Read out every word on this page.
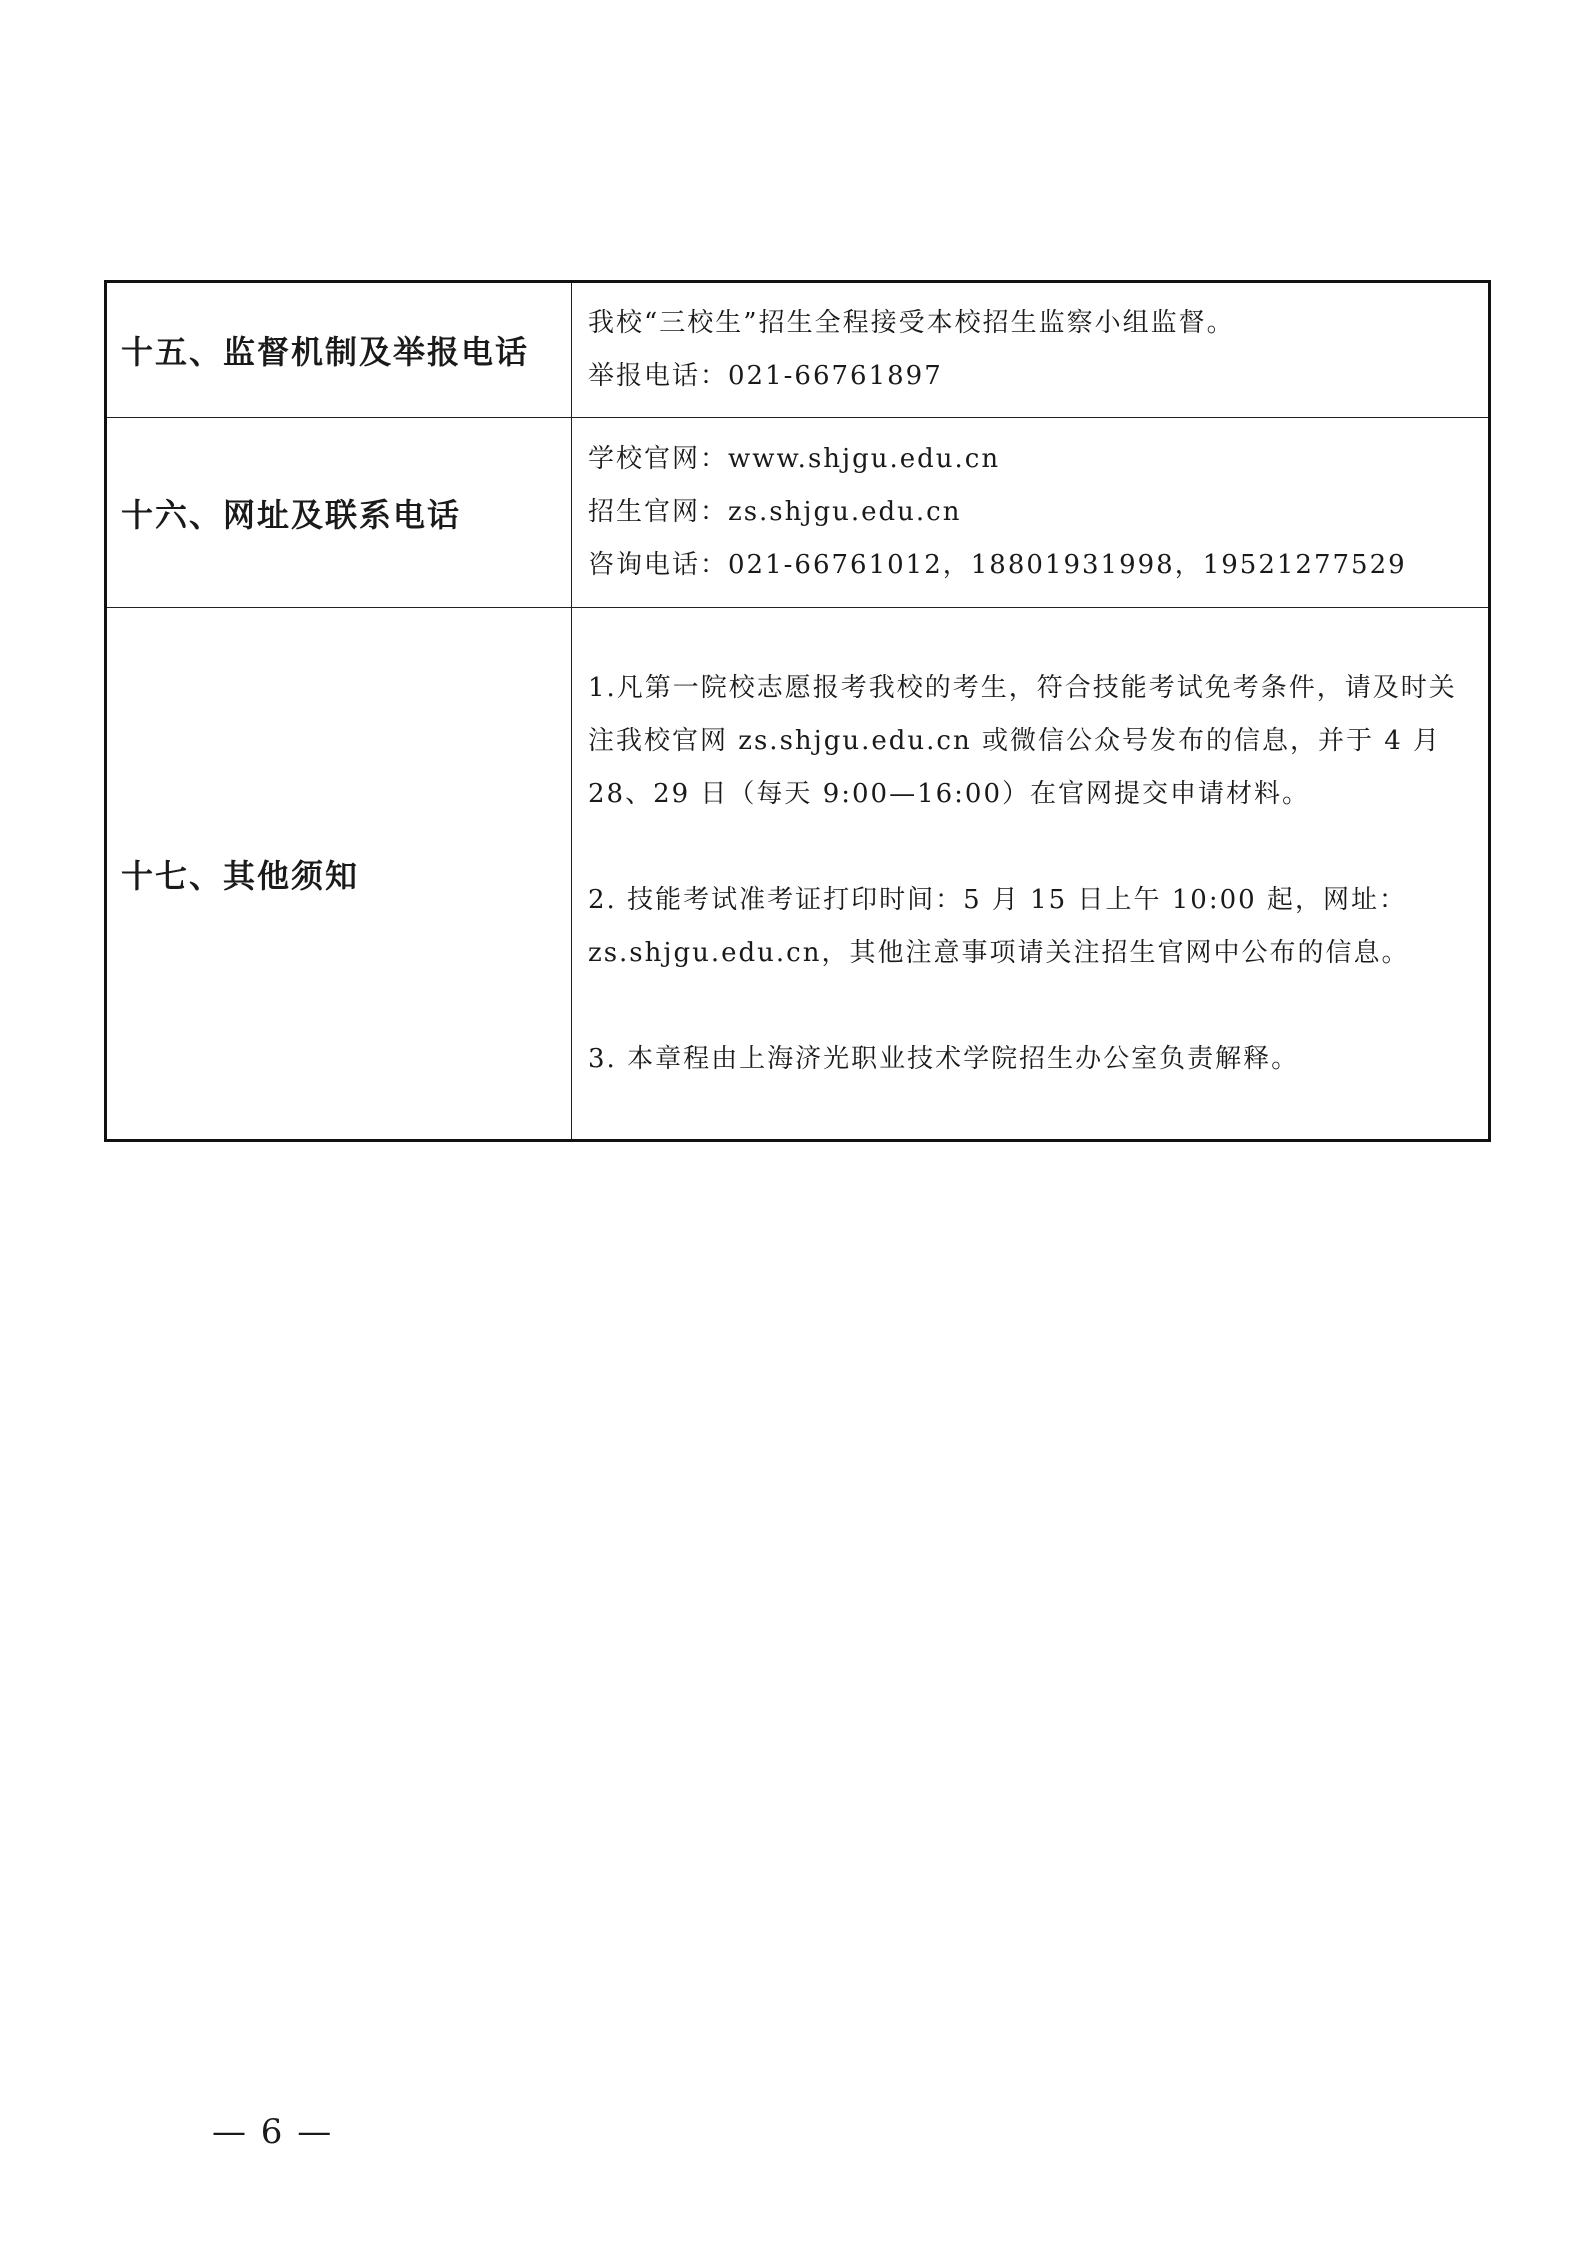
十五、监督机制及举报电话	我校“三校生”招生全程接受本校招生监察小组监督。
举报电话：021-66761897

十六、网址及联系电话	学校官网：www.shjgu.edu.cn
招生官网：zs.shjgu.edu.cn
咨询电话：021-66761012，18801931998，19521277529

十七、其他须知	1.凡第一院校志愿报考我校的考生，符合技能考试免考条件，请及时关注我校官网 zs.shjgu.edu.cn 或微信公众号发布的信息，并于 4 月 28、29 日（每天 9:00—16:00）在官网提交申请材料。
2. 技能考试准考证打印时间：5 月 15 日上午 10:00 起，网址：zs.shjgu.edu.cn，其他注意事项请关注招生官网中公布的信息。
3. 本章程由上海济光职业技术学院招生办公室负责解释。
— 6 —
